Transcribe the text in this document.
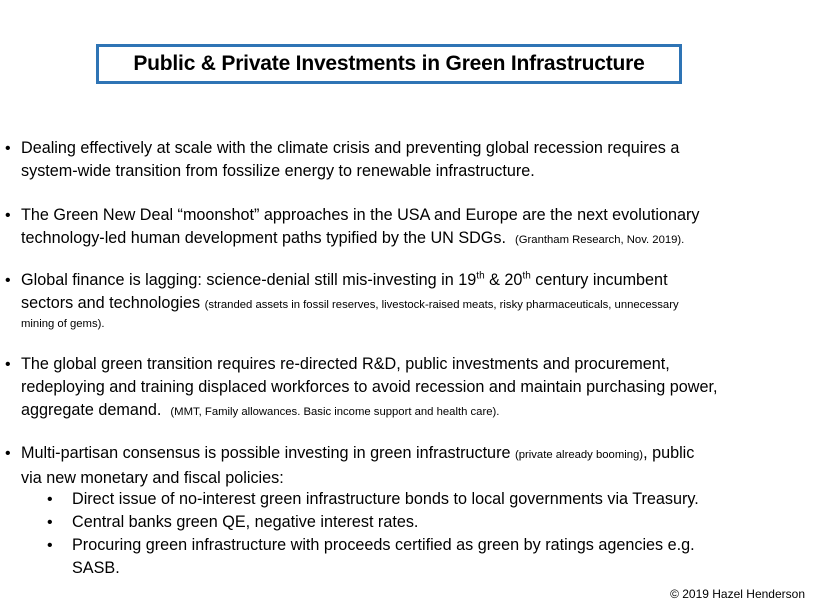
Public & Private Investments in Green Infrastructure
• Dealing effectively at scale with the climate crisis and preventing global recession requires a
system-wide transition from fossilize energy to renewable infrastructure.
• The Green New Deal “moonshot” approaches in the USA and Europe are the next evolutionary
technology-led human development paths typified by the UN SDGs. (Grantham Research, Nov. 2019).
• Global finance is lagging: science-denial still mis-investing in 19th & 20th century incumbent
sectors and technologies (stranded assets in fossil reserves, livestock-raised meats, risky pharmaceuticals, unnecessary
mining of gems).
• The global green transition requires re-directed R&D, public investments and procurement,
redeploying and training displaced workforces to avoid recession and maintain purchasing power,
aggregate demand. (MMT, Family allowances. Basic income support and health care).
• Multi-partisan consensus is possible investing in green infrastructure (private already booming), public
via new monetary and fiscal policies:
• Direct issue of no-interest green infrastructure bonds to local governments via Treasury.
• Central banks green QE, negative interest rates.
• Procuring green infrastructure with proceeds certified as green by ratings agencies e.g.
SASB.
© 2019 Hazel Henderson
